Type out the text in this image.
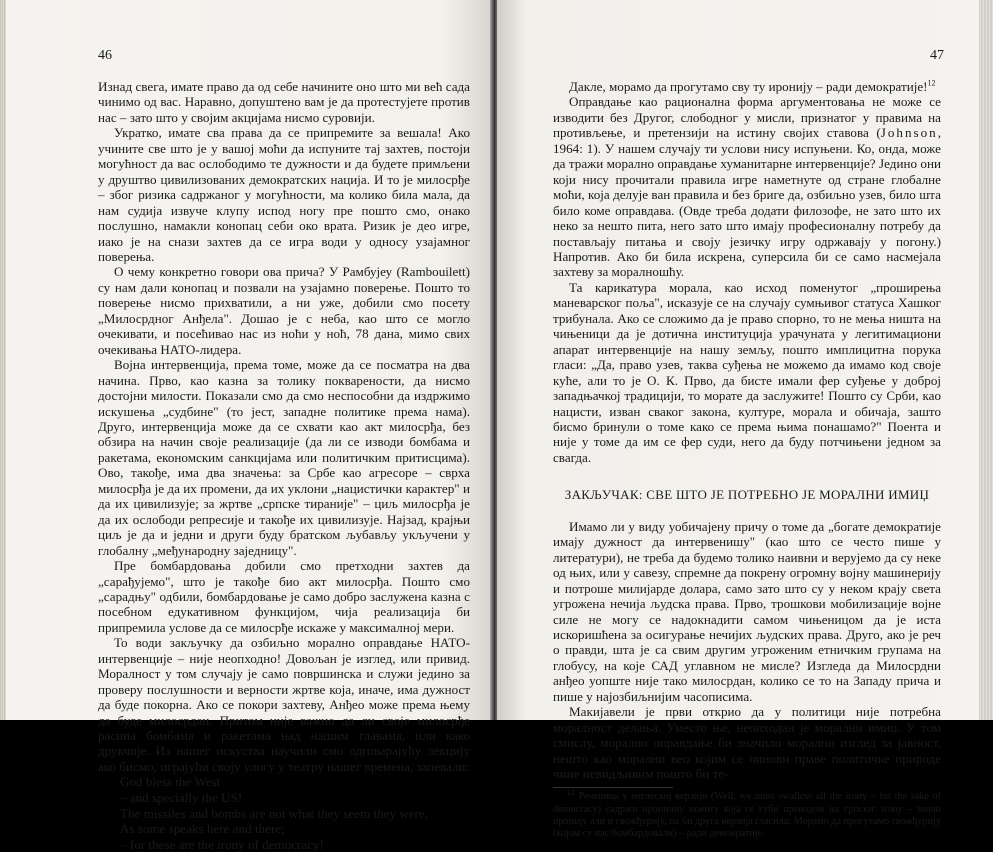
46

Изнад свега, имате право да од себе начините оно што ми већ сада чинимо од вас. Наравно, допуштено вам је да протестујете против нас – зато што у својим акцијама нисмо суровији.

Укратко, имате сва права да се припремите за вешала! Ако учините све што је у вашој моћи да испуните тај захтев, постоји могућност да вас ослободимо те дужности и да будете примљени у друштво цивилизованих демократских нација. И то је милосрђе – због ризика садржаног у могућности, ма колико била мала, да нам судија извуче клупу испод ногу пре пошто смо, онако послушно, намакли конопац себи око врата. Ризик је део игре, иако је на снази захтев да се игра води у односу узајамног поверења.

О чему конкретно говори ова прича? У Рамбујеу (Rambouilett) су нам дали конопац и позвали на узајамно поверење. Пошто то поверење нисмо прихватили, а ни уже, добили смо посету „Милосрдног Анђела". Дошао је с неба, као што се могло очекивати, и посећивао нас из ноћи у ноћ, 78 дана, мимо свих очекивања НАТО-лидера.

Војна интервенција, према томе, може да се посматра на два начина. Прво, као казна за толику покварености, да нисмо достојни милости. Показали смо да смо неспособни да издржимо искушења „судбине" (то јест, западне политике према нама). Друго, интервенција може да се схвати као акт милосрђа, без обзира на начин своје реализације (да ли се изводи бомбама и ракетама, економским санкцијама или политичким притисцима). Ово, такође, има два значења: за Србе као агресоре – сврха милосрђа је да их промени, да их уклони „нацистички карактер" и да их цивилизује; за жртве „српске тираније" – циљ милосрђа је да их ослободи репресије и такође их цивилизује. Најзад, крајњи циљ је да и једни и други буду братском љубављу укључени у глобалну „међународну заједницу".

Пре бомбардовања добили смо претходни захтев да „сарађујемо", што је такође био акт милосрђа. Пошто смо „сарадњу" одбили, бомбардовање је само добро заслужена казна с посебном едукативном функцијом, чија реализација би припремила услове да се милосрђе искаже у максималној мери.

То води закључку да озбиљно морално оправдање НАТО-интервенције – није неопходно! Довољан је изглед, или привид. Моралност у том случају је само површинска и служи једино за проверу послушности и верности жртве која, иначе, има дужност да буде покорна. Ако се покори захтеву, Анђео може према њему да буде милосрдан. Притом није важно да ли своје милосрђе расипа бомбама и ракетама над нашим главама, или како друкчије. Из нашег искуства научили смо одговарајућу лекцију ако бисмо, играјући своју улогу у театру нашег времена, запевали:

God bless the West
– and specially the US!
The missiles and bombs are not what they seem they were,
As some speaks here and there;
– for these are the irony of democracy!
47

Дакле, морамо да прогутамо сву ту иронију – ради демократије!$^{12}$

Оправдање као рационална форма аргументовања не може се изводити без Другог, слободног у мисли, признатог у правима на противљење, и претензији на истину својих ставова (Johnson, 1964: 1). У нашем случају ти услови нису испуњени. Ко, онда, може да тражи морално оправдање хуманитарне интервенције? Једино они који нису прочитали правила игре наметнуте од стране глобалне моћи, која делује ван правила и без бриге да, озбиљно узев, било шта било коме оправдава. (Овде треба додати филозофе, не зато што их неко за нешто пита, него зато што имају професионалну потребу да постављају питања и своју језичку игру одржавају у погону.) Напротив. Ако би била искрена, суперсила би се само насмејала захтеву за моралношћу.

Та карикатура морала, као исход поменутог „проширења маневарског поља", исказује се на случају сумњивог статуса Хашког трибунала. Ако се сложимо да је право спорно, то не мења ништа на чињеници да је дотична институција урачуната у легитимациони апарат интервенције на нашу земљу, пошто имплицитна порука гласи: „Да, право узев, таква суђења не можемо да имамо код своје куће, али то је О. К. Прво, да бисте имали фер суђење у доброј западњачкој традицији, то морате да заслужите! Пошто су Срби, као нацисти, изван сваког закона, културе, морала и обичаја, зашто бисмо бринули о томе како се према њима понашамо?" Поента и није у томе да им се фер суди, него да буду потчињени једном за свагда.

ЗАКЉУЧАК: СВЕ ШТО ЈЕ ПОТРЕБНО ЈЕ МОРАЛНИ ИМИЏ

Имамо ли у виду уобичајену причу о томе да „богате демократије имају дужност да интервенишу" (као што се често пише у литератури), не треба да будемо толико наивни и верујемо да су неке од њих, или у савезу, спремне да покрену огромну војну машинерију и потроше милијарде долара, само зато што су у неком крају света угрожена нечија људска права. Прво, трошкови мобилизације војне силе не могу се надокнадити самом чињеницом да је иста искоришћена за осигурање нечијих људских права. Друго, ако је реч о правди, шта је са свим другим угроженим етничким групама на глобусу, на које САД углавном не мисле? Изгледа да Милосрдни анђео уопште није тако милосрдан, колико се то на Западу прича и пише у најозбиљнијим часописима.

Макијавели је први открио да у политици није потребна моралност делања. Уместо ње, неопходан је морални имиџ. У том смислу, морално оправдање би значило морални изглед за јавност, нешто као морални вео којим се чинови праве политичке природе чине невидљивим пошто би те-

$^{12}$ Реченица у енглеској верзији (Well, we must swallow all the irony – for the sake of democracy) садржи ироничну поенту која се губи преводом на српски: irony – значи иронију али и гвожђурију, па би друга верзија гласила: Морамо да прогутамо гвожђурију (којом су нас бомбардовали) – ради демократије.
